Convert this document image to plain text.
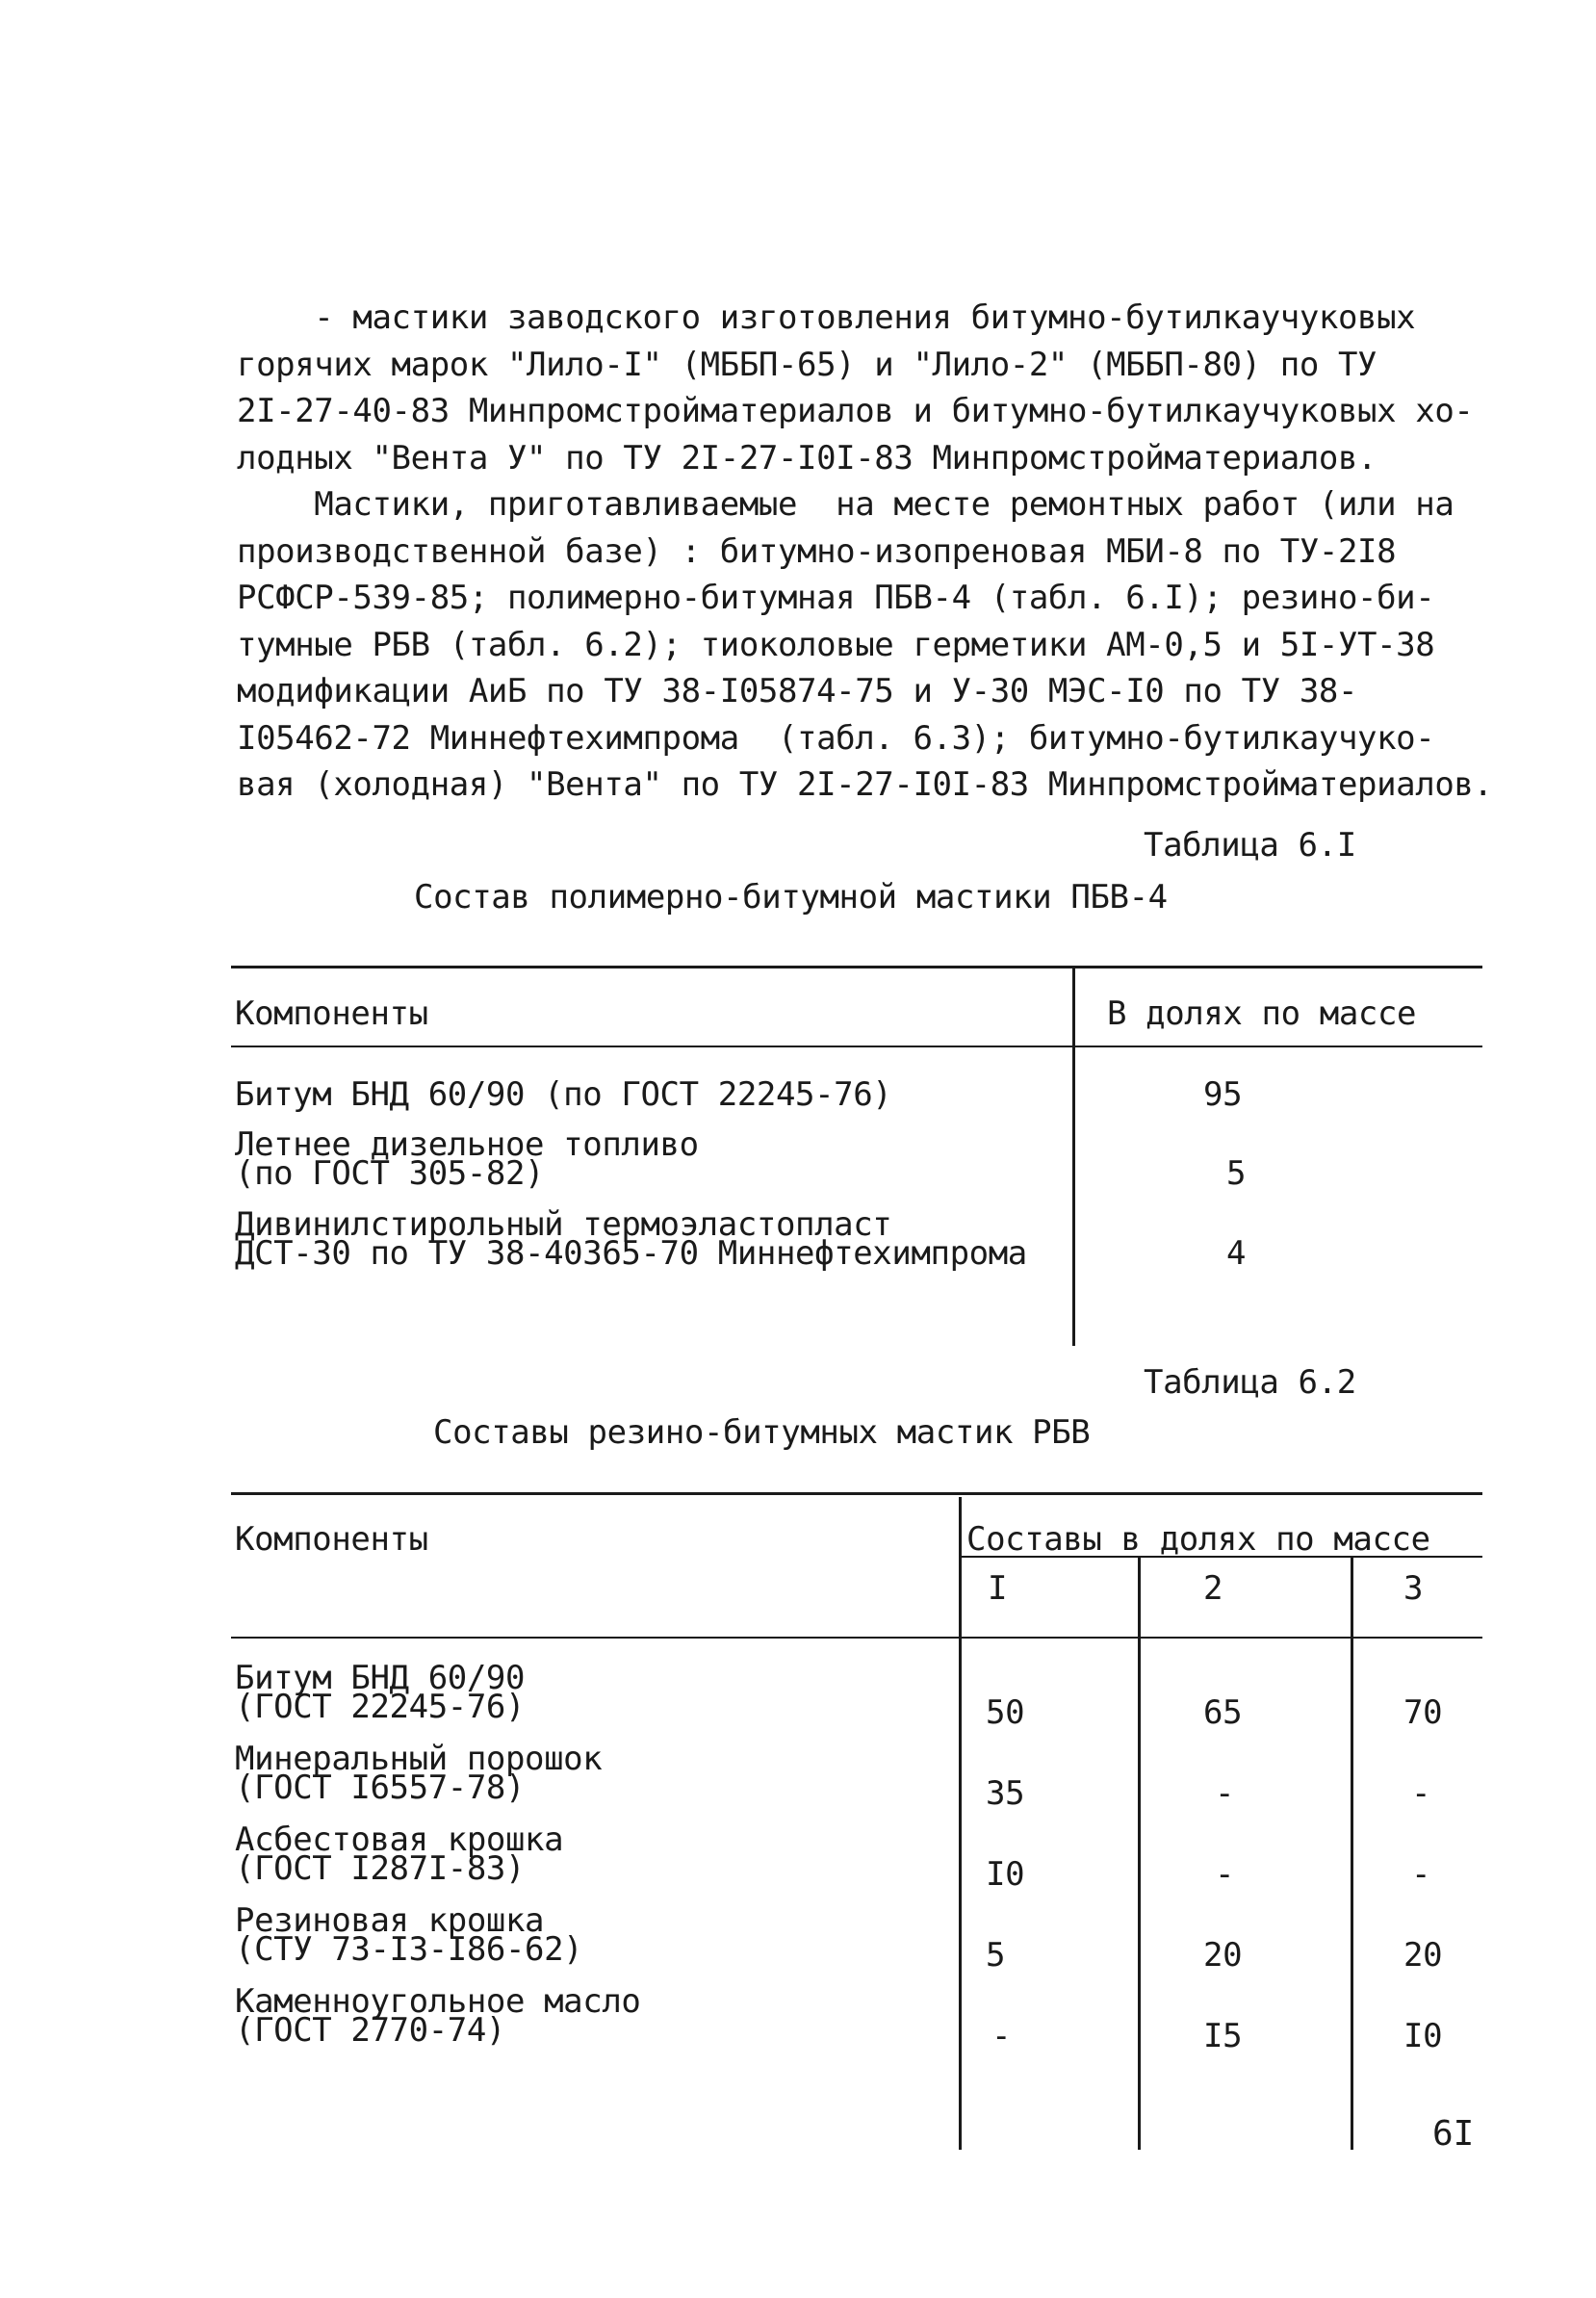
- мастики заводского изготовления битумно-бутилкаучуковых
горячих марок "Лило-I" (МББП-65) и "Лило-2" (МББП-80) по ТУ
2I-27-40-83 Минпромстройматериалов и битумно-бутилкаучуковых хо-
лодных "Вента У" по ТУ 2I-27-I0I-83 Минпромстройматериалов.
Мастики, приготавливаемые  на месте ремонтных работ (или на
производственной базе) : битумно-изопреновая МБИ-8 по ТУ-2I8
РСФСР-539-85; полимерно-битумная ПБВ-4 (табл. 6.I); резино-би-
тумные РБВ (табл. 6.2); тиоколовые герметики АМ-0,5 и 5I-УТ-38
модификации АиБ по ТУ 38-I05874-75 и У-30 МЭС-I0 по ТУ 38-
I05462-72 Миннефтехимпрома  (табл. 6.3); битумно-бутилкаучуко-
вая (холодная) "Вента" по ТУ 2I-27-I0I-83 Минпромстройматериалов.
Таблица 6.I
Состав полимерно-битумной мастики ПБВ-4
Компоненты	В долях по массе
Битум БНД 60/90 (по ГОСТ 22245-76)	95
Летнее дизельное топливо
(по ГОСТ 305-82)	5
Дивинилстирольный термоэластопласт
ДСТ-30 по ТУ 38-40365-70 Миннефтехимпрома	4
Таблица 6.2
Составы резино-битумных мастик РБВ
Компоненты	Составы в долях по массе
I	2	3
Битум БНД 60/90
(ГОСТ 22245-76)	50	65	70
Минеральный порошок
(ГОСТ I6557-78)	35	-	-
Асбестовая крошка
(ГОСТ I287I-83)	I0	-	-
Резиновая крошка
(СТУ 73-I3-I86-62)	5	20	20
Каменноугольное масло
(ГОСТ 2770-74)	-	I5	I0
6I
